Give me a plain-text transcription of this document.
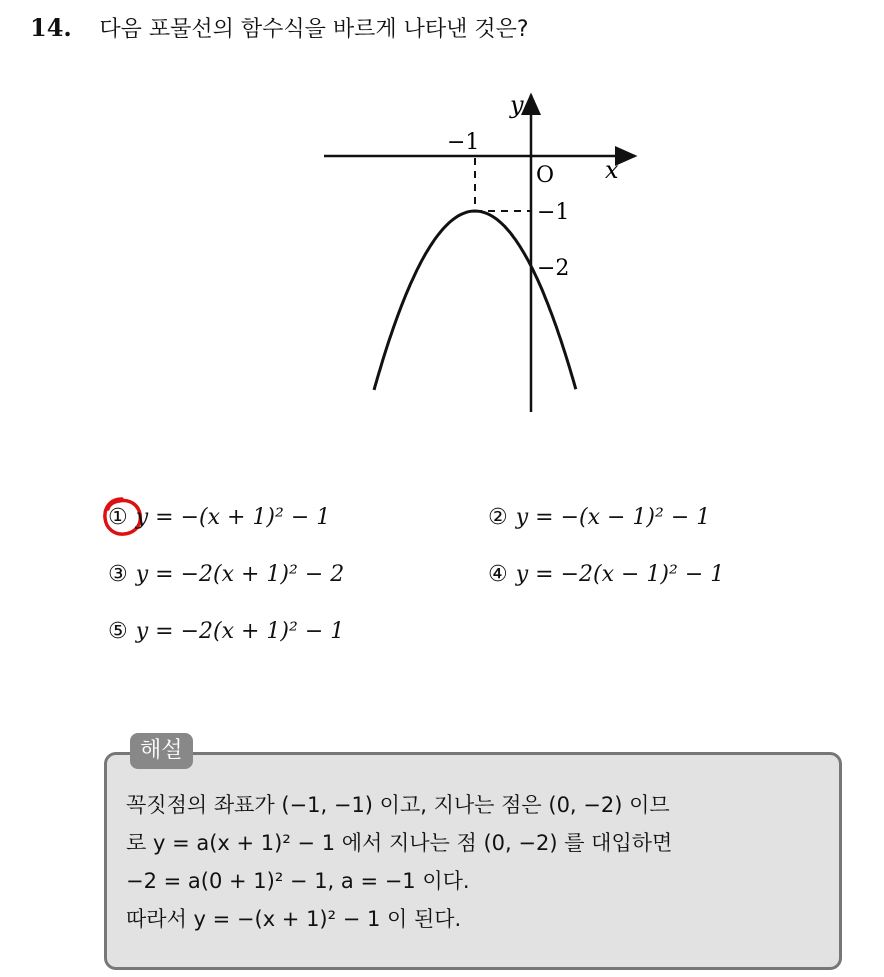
14. 다음 포물선의 함수식을 바르게 나타낸 것은?
y
x
O
−1
−1
−2
① y = −(x + 1)² − 1	② y = −(x − 1)² − 1
③ y = −2(x + 1)² − 2	④ y = −2(x − 1)² − 1
⑤ y = −2(x + 1)² − 1
해설
꼭짓점의 좌표가 (−1, −1) 이고, 지나는 점은 (0, −2) 이므
로 y = a(x + 1)² − 1 에서 지나는 점 (0, −2) 를 대입하면
−2 = a(0 + 1)² − 1, a = −1 이다.
따라서 y = −(x + 1)² − 1 이 된다.
